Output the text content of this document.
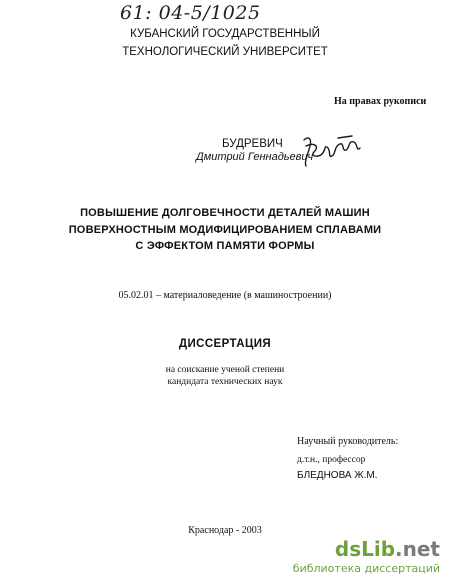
61: 04-5/1025
КУБАНСКИЙ ГОСУДАРСТВЕННЫЙ
ТЕХНОЛОГИЧЕСКИЙ УНИВЕРСИТЕТ
На правах рукописи
БУДРЕВИЧ
Дмитрий Геннадьевич
ПОВЫШЕНИЕ ДОЛГОВЕЧНОСТИ ДЕТАЛЕЙ МАШИН
ПОВЕРХНОСТНЫМ МОДИФИЦИРОВАНИЕМ СПЛАВАМИ
С ЭФФЕКТОМ ПАМЯТИ ФОРМЫ
05.02.01 – материаловедение (в машиностроении)
ДИССЕРТАЦИЯ
на соискание ученой степени
кандидата технических наук
Научный руководитель:
д.т.н., профессор
БЛЕДНОВА Ж.М.
Краснодар - 2003
dsLib.net
библиотека диссертаций
